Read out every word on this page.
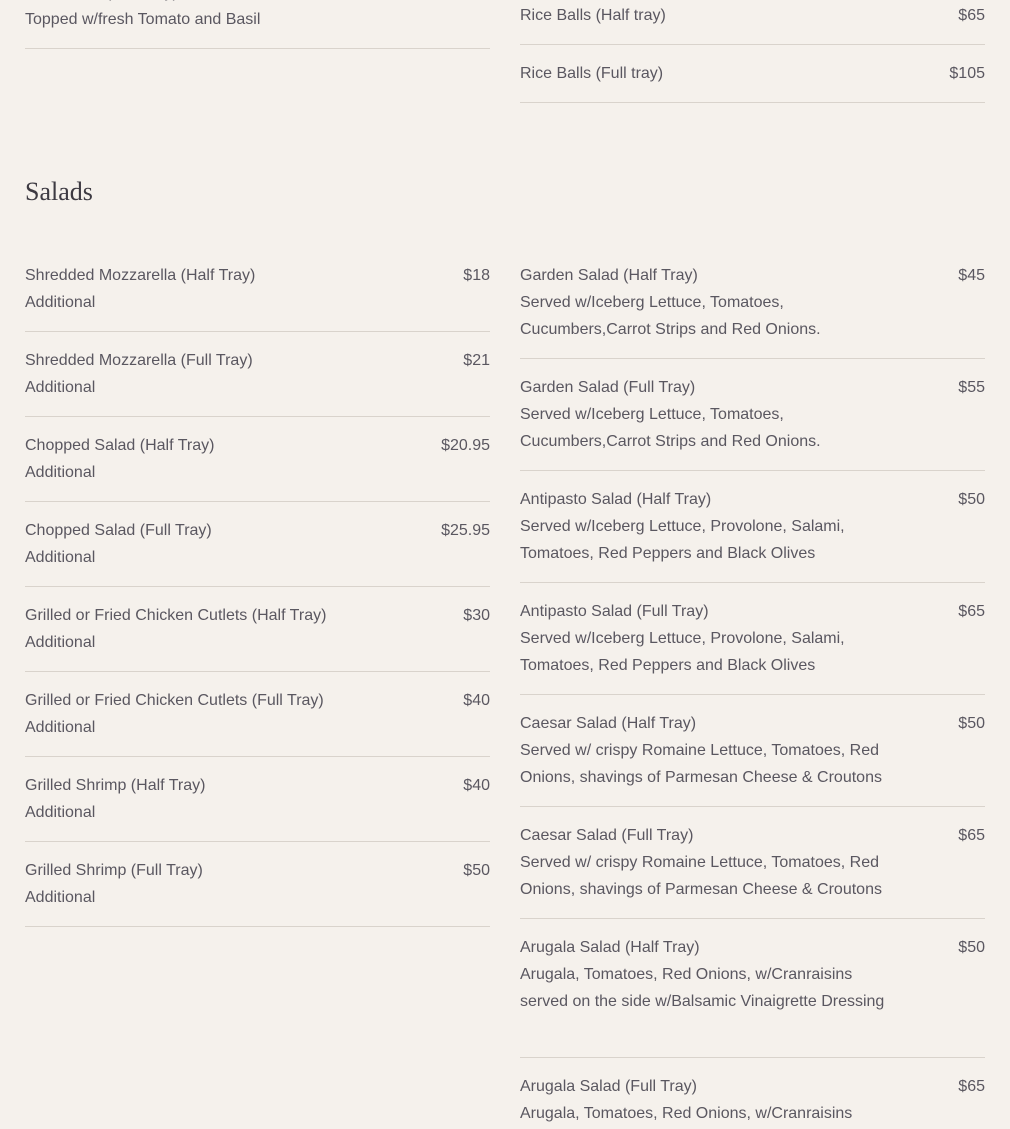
Topped w/fresh Tomato and Basil	$65
Rice Balls (Half tray)
$105
Rice Balls (Full tray)
Salads
$18
Shredded Mozzarella (Half Tray)
Additional
$21
Shredded Mozzarella (Full Tray)
Additional
$20.95
Chopped Salad (Half Tray)
Additional
$25.95
Chopped Salad (Full Tray)
Additional
$30
Grilled or Fried Chicken Cutlets (Half Tray)
Additional
$40
Grilled or Fried Chicken Cutlets (Full Tray)
Additional
$40
Grilled Shrimp (Half Tray)
Additional
$50
Grilled Shrimp (Full Tray)
Additional
$45
Garden Salad (Half Tray)
Served w/Iceberg Lettuce, Tomatoes, Cucumbers,Carrot Strips and Red Onions.
$55
Garden Salad (Full Tray)
Served w/Iceberg Lettuce, Tomatoes, Cucumbers,Carrot Strips and Red Onions.
$50
Antipasto Salad (Half Tray)
Served w/Iceberg Lettuce, Provolone, Salami, Tomatoes, Red Peppers and Black Olives
$65
Antipasto Salad (Full Tray)
Served w/Iceberg Lettuce, Provolone, Salami, Tomatoes, Red Peppers and Black Olives
$50
Caesar Salad (Half Tray)
Served w/ crispy Romaine Lettuce, Tomatoes, Red Onions, shavings of Parmesan Cheese & Croutons
$65
Caesar Salad (Full Tray)
Served w/ crispy Romaine Lettuce, Tomatoes, Red Onions, shavings of Parmesan Cheese & Croutons
$50
Arugala Salad (Half Tray)
Arugala, Tomatoes, Red Onions, w/Cranraisins served on the side w/Balsamic Vinaigrette Dressing
$65
Arugala Salad (Full Tray)
Arugala, Tomatoes, Red Onions, w/Cranraisins
